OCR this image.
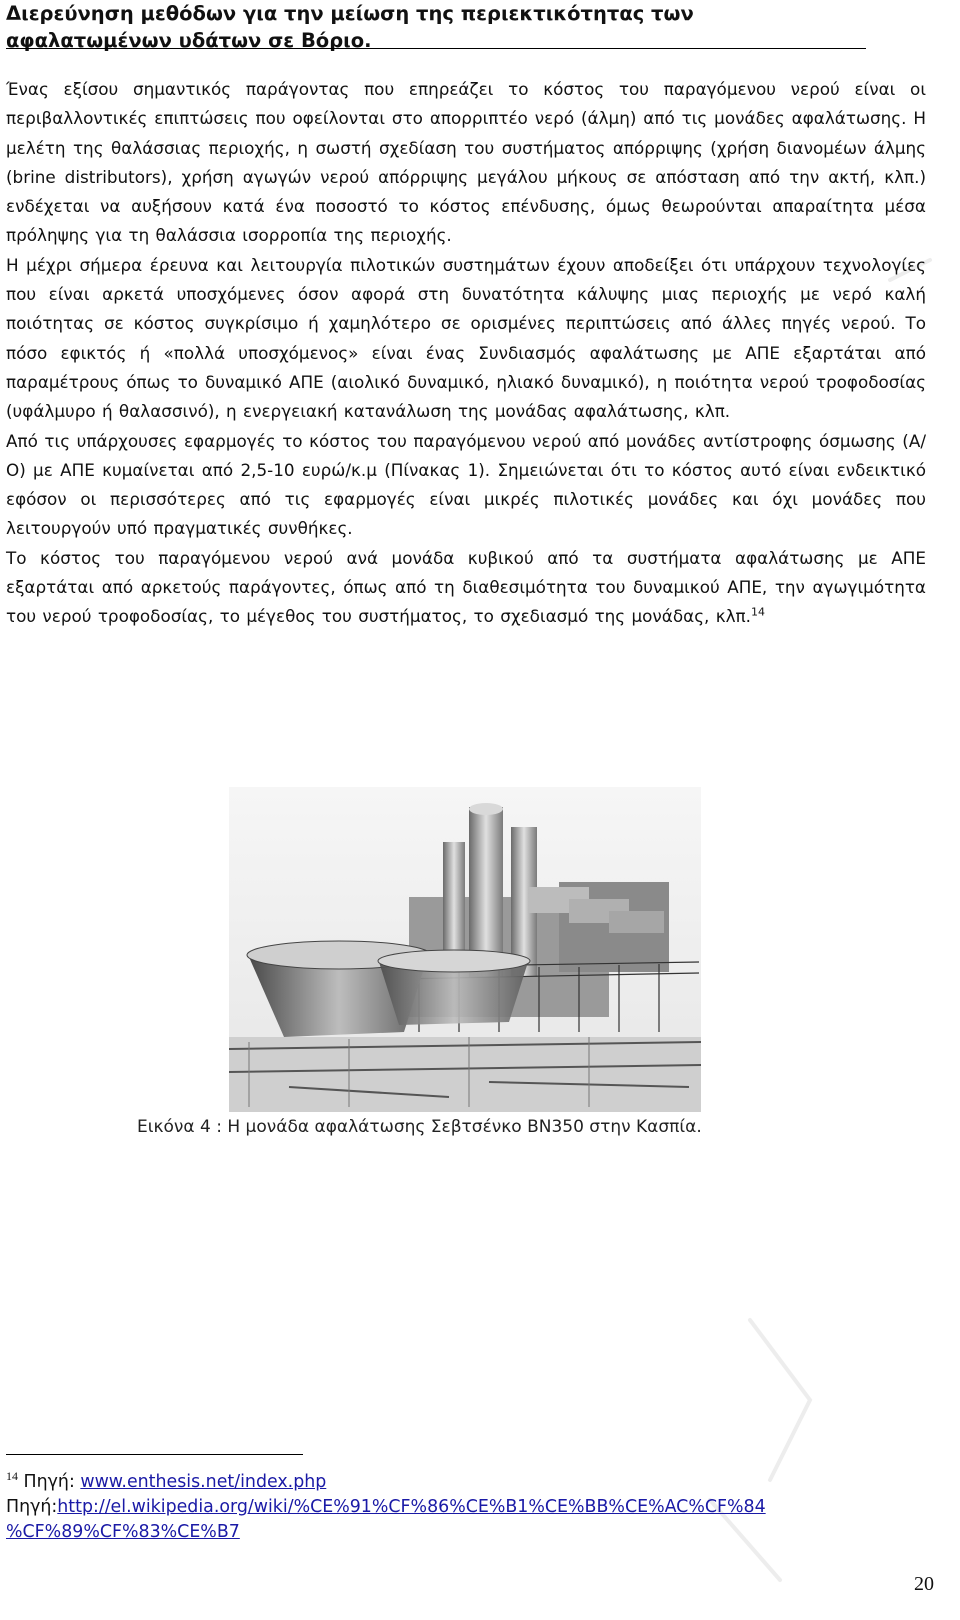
Διερεύνηση μεθόδων για την μείωση της περιεκτικότητας των αφαλατωμένων υδάτων σε Βόριο.

Ένας εξίσου σημαντικός παράγοντας που επηρεάζει το κόστος του παραγόμενου νερού είναι οι περιβαλλοντικές επιπτώσεις που οφείλονται στο απορριπτέο νερό (άλμη) από τις μονάδες αφαλάτωσης. Η μελέτη της θαλάσσιας περιοχής, η σωστή σχεδίαση του συστήματος απόρριψης (χρήση διανομέων άλμης (brine distributors), χρήση αγωγών νερού απόρριψης μεγάλου μήκους σε απόσταση από την ακτή, κλπ.) ενδέχεται να αυξήσουν κατά ένα ποσοστό το κόστος επένδυσης, όμως θεωρούνται απαραίτητα μέσα πρόληψης για τη θαλάσσια ισορροπία της περιοχής.

Η μέχρι σήμερα έρευνα και λειτουργία πιλοτικών συστημάτων έχουν αποδείξει ότι υπάρχουν τεχνολογίες που είναι αρκετά υποσχόμενες όσον αφορά στη δυνατότητα κάλυψης μιας περιοχής με νερό καλή ποιότητας σε κόστος συγκρίσιμο ή χαμηλότερο σε ορισμένες περιπτώσεις από άλλες πηγές νερού. Το πόσο εφικτός ή «πολλά υποσχόμενος» είναι ένας Συνδιασμός αφαλάτωσης με ΑΠΕ εξαρτάται από παραμέτρους όπως το δυναμικό ΑΠΕ (αιολικό δυναμικό, ηλιακό δυναμικό), η ποιότητα νερού τροφοδοσίας (υφάλμυρο ή θαλασσινό), η ενεργειακή κατανάλωση της μονάδας αφαλάτωσης, κλπ.

Από τις υπάρχουσες εφαρμογές το κόστος του παραγόμενου νερού από μονάδες αντίστροφης όσμωσης (Α/Ο) με ΑΠΕ κυμαίνεται από 2,5-10 ευρώ/κ.μ (Πίνακας 1). Σημειώνεται ότι το κόστος αυτό είναι ενδεικτικό εφόσον οι περισσότερες από τις εφαρμογές είναι μικρές πιλοτικές μονάδες και όχι μονάδες που λειτουργούν υπό πραγματικές συνθήκες.

Το κόστος του παραγόμενου νερού ανά μονάδα κυβικού από τα συστήματα αφαλάτωσης με ΑΠΕ εξαρτάται από αρκετούς παράγοντες, όπως από τη διαθεσιμότητα του δυναμικού ΑΠΕ, την αγωγιμότητα του νερού τροφοδοσίας, το μέγεθος του συστήματος, το σχεδιασμό της μονάδας, κλπ.$^{14}$

Εικόνα 4 : Η μονάδα αφαλάτωσης Σεβτσένκο BN350 στην Κασπία.
$^{14}$ Πηγή: www.enthesis.net/index.php
Πηγή:http://el.wikipedia.org/wiki/%CE%91%CF%86%CE%B1%CE%BB%CE%AC%CF%84
%CF%89%CF%83%CE%B7
20
